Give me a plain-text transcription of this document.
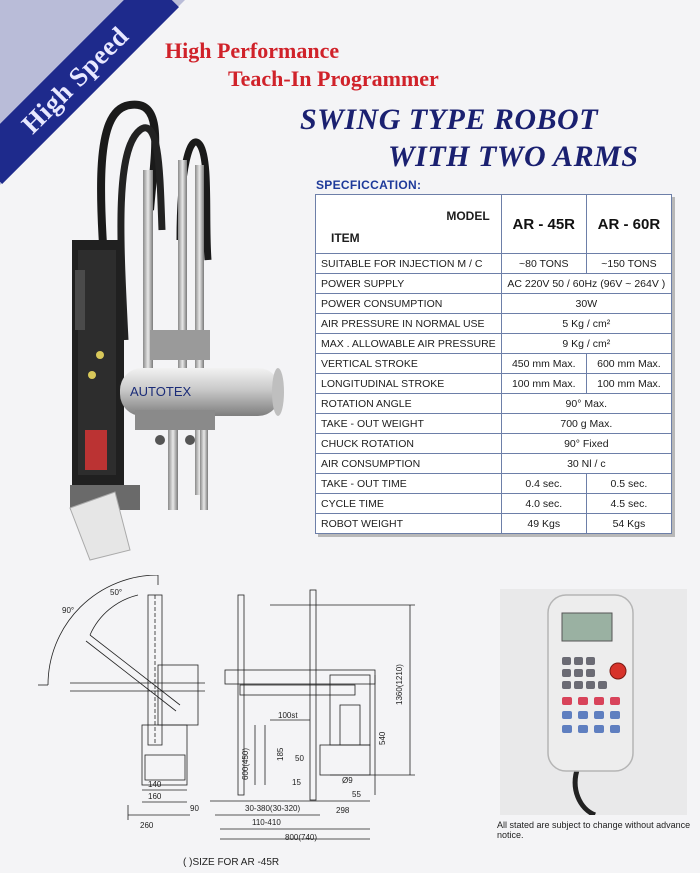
High Speed High Performance
Teach-In Programmer
SWING TYPE ROBOT
WITH TWO ARMS
AUTOTEX
SPECFICCATION:
MODEL
ITEM	AR - 45R	AR - 60R
SUITABLE FOR INJECTION M / C	~80 TONS	~150 TONS
POWER SUPPLY	AC 220V 50 / 60Hz (96V ~ 264V )	
POWER CONSUMPTION	30W	
AIR PRESSURE IN NORMAL USE	5 Kg / cm²	
MAX . ALLOWABLE AIR PRESSURE	9 Kg / cm²	
VERTICAL STROKE	450 mm Max.	600 mm Max.
LONGITUDINAL STROKE	100 mm Max.	100 mm Max.
ROTATION ANGLE	90° Max.	
TAKE - OUT WEIGHT	700 g Max.	
CHUCK ROTATION	90° Fixed	
AIR CONSUMPTION	30 Nl / c	
TAKE - OUT TIME	0.4 sec.	0.5 sec.
CYCLE TIME	4.0 sec.	4.5 sec.
ROBOT WEIGHT	49 Kgs	54 Kgs
90°
50°
140
160
90
260
100st
185 50
600(450)
15	Ø9
55
298
30-380(30-320)
110-410
800(740)
540
1360(1210)
( )SIZE FOR AR -45R
All stated are subject to change without advance notice.
